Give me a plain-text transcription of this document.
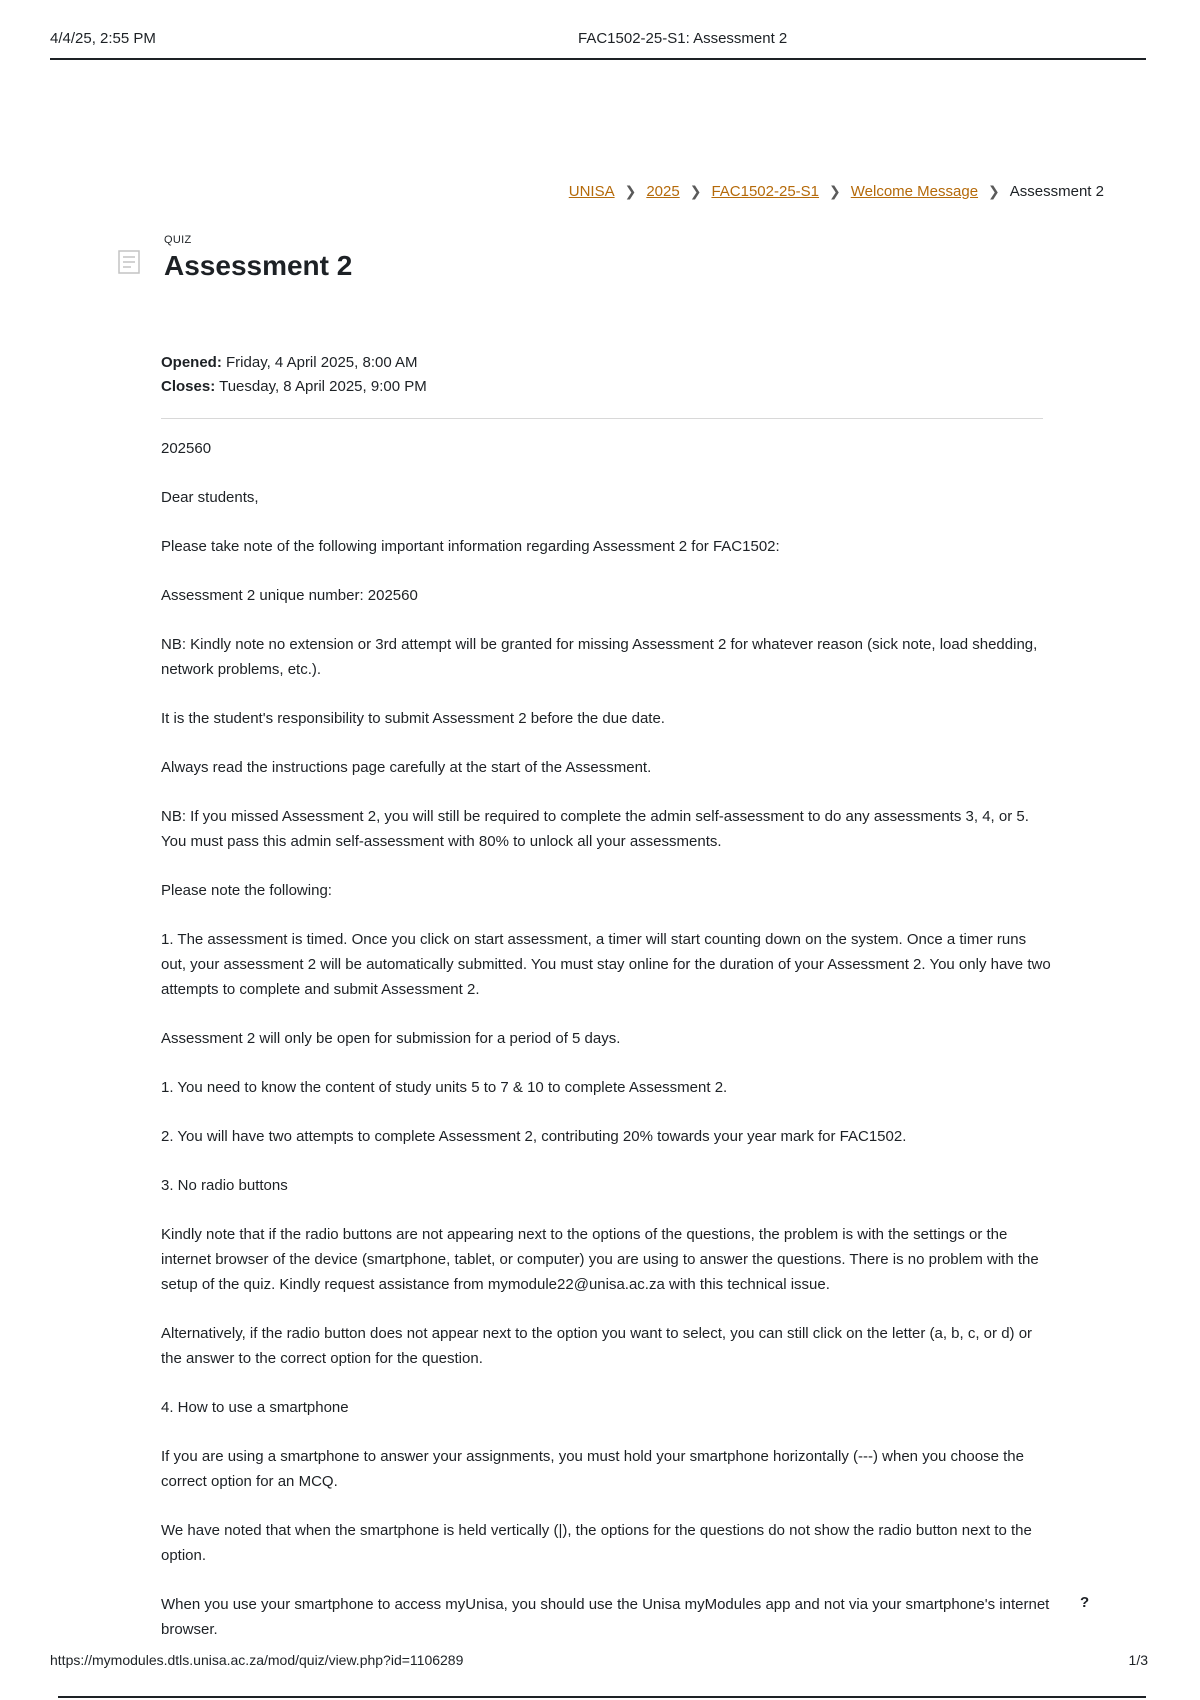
4/4/25, 2:55 PM	FAC1502-25-S1: Assessment 2
UNISA ❯ 2025 ❯ FAC1502-25-S1 ❯ Welcome Message ❯ Assessment 2
QUIZ
Assessment 2
Opened: Friday, 4 April 2025, 8:00 AM
Closes: Tuesday, 8 April 2025, 9:00 PM

202560

Dear students,

Please take note of the following important information regarding Assessment 2 for FAC1502:

Assessment 2 unique number: 202560

NB: Kindly note no extension or 3rd attempt will be granted for missing Assessment 2 for whatever reason (sick note, load shedding, network problems, etc.).

It is the student's responsibility to submit Assessment 2 before the due date.

Always read the instructions page carefully at the start of the Assessment.

NB: If you missed Assessment 2, you will still be required to complete the admin self-assessment to do any assessments 3, 4, or 5. You must pass this admin self-assessment with 80% to unlock all your assessments.

Please note the following:

1. The assessment is timed. Once you click on start assessment, a timer will start counting down on the system. Once a timer runs out, your assessment 2 will be automatically submitted. You must stay online for the duration of your Assessment 2. You only have two attempts to complete and submit Assessment 2.

Assessment 2 will only be open for submission for a period of 5 days.

1. You need to know the content of study units 5 to 7 & 10 to complete Assessment 2.

2. You will have two attempts to complete Assessment 2, contributing 20% towards your year mark for FAC1502.

3. No radio buttons

Kindly note that if the radio buttons are not appearing next to the options of the questions, the problem is with the settings or the internet browser of the device (smartphone, tablet, or computer) you are using to answer the questions. There is no problem with the setup of the quiz. Kindly request assistance from mymodule22@unisa.ac.za with this technical issue.

Alternatively, if the radio button does not appear next to the option you want to select, you can still click on the letter (a, b, c, or d) or the answer to the correct option for the question.

4. How to use a smartphone

If you are using a smartphone to answer your assignments, you must hold your smartphone horizontally (---) when you choose the correct option for an MCQ.

We have noted that when the smartphone is held vertically (|), the options for the questions do not show the radio button next to the option.

When you use your smartphone to access myUnisa, you should use the Unisa myModules app and not via your smartphone's internet browser.

?
https://mymodules.dtls.unisa.ac.za/mod/quiz/view.php?id=1106289	1/3
